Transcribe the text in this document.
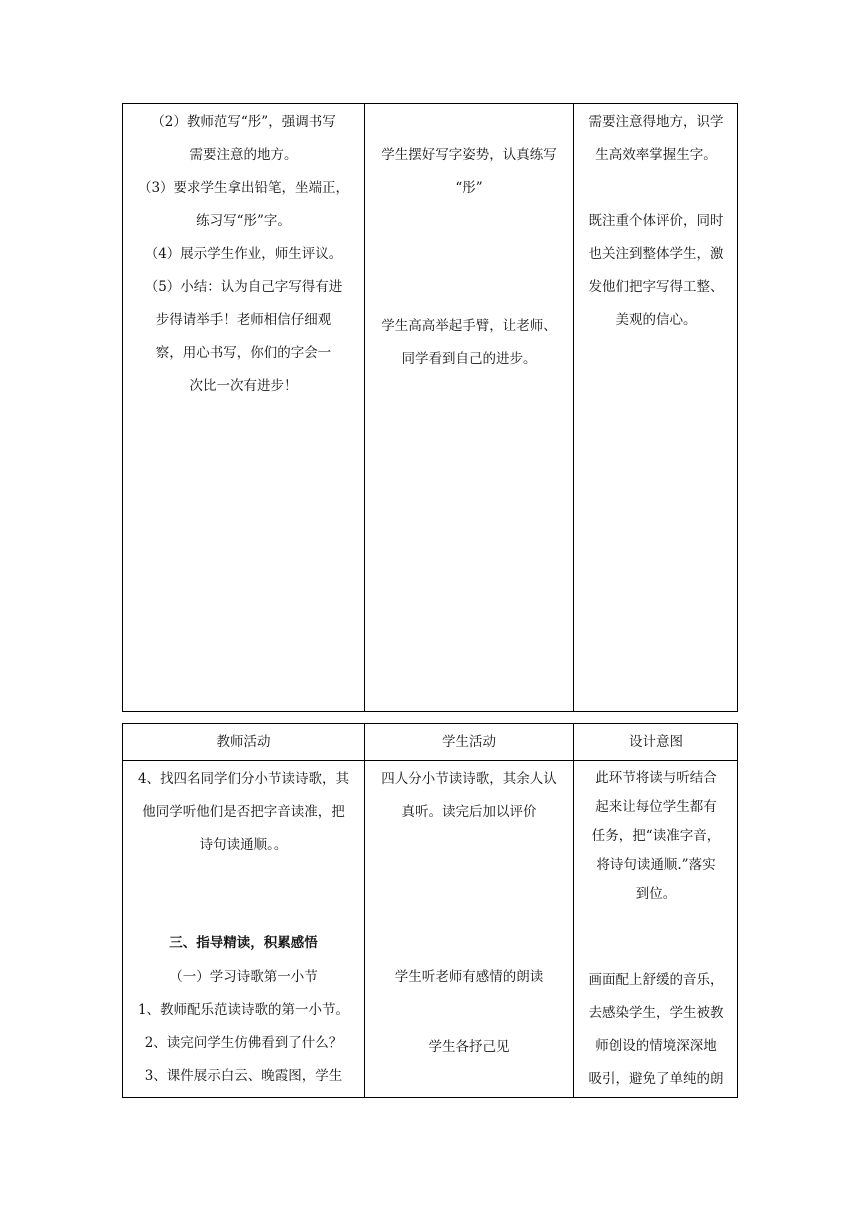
（2）教师范写“彤”，强调书写
需要注意的地方。
（3）要求学生拿出铅笔，坐端正，
练习写“彤”字。
（4）展示学生作业，师生评议。
（5）小结：认为自己字写得有进
步得请举手！老师相信仔细观
察，用心书写，你们的字会一
次比一次有进步！
学生摆好写字姿势，认真练写
“彤”
学生高高举起手臂，让老师、
同学看到自己的进步。
需要注意得地方，识学
生高效率掌握生字。
既注重个体评价，同时
也关注到整体学生，激
发他们把字写得工整、
美观的信心。
教师活动	学生活动	设计意图
4、找四名同学们分小节读诗歌，其
他同学听他们是否把字音读准，把
诗句读通顺。。
三、指导精读，积累感悟
（一）学习诗歌第一小节
1、教师配乐范读诗歌的第一小节。
2、读完问学生仿佛看到了什么？
3、课件展示白云、晚霞图，学生
四人分小节读诗歌，其余人认
真听。读完后加以评价
学生听老师有感情的朗读
学生各抒己见
此环节将读与听结合
起来让每位学生都有
任务，把“读准字音，
将诗句读通顺.”落实
到位。
画面配上舒缓的音乐，
去感染学生，学生被教
师创设的情境深深地
吸引，避免了单纯的朗
